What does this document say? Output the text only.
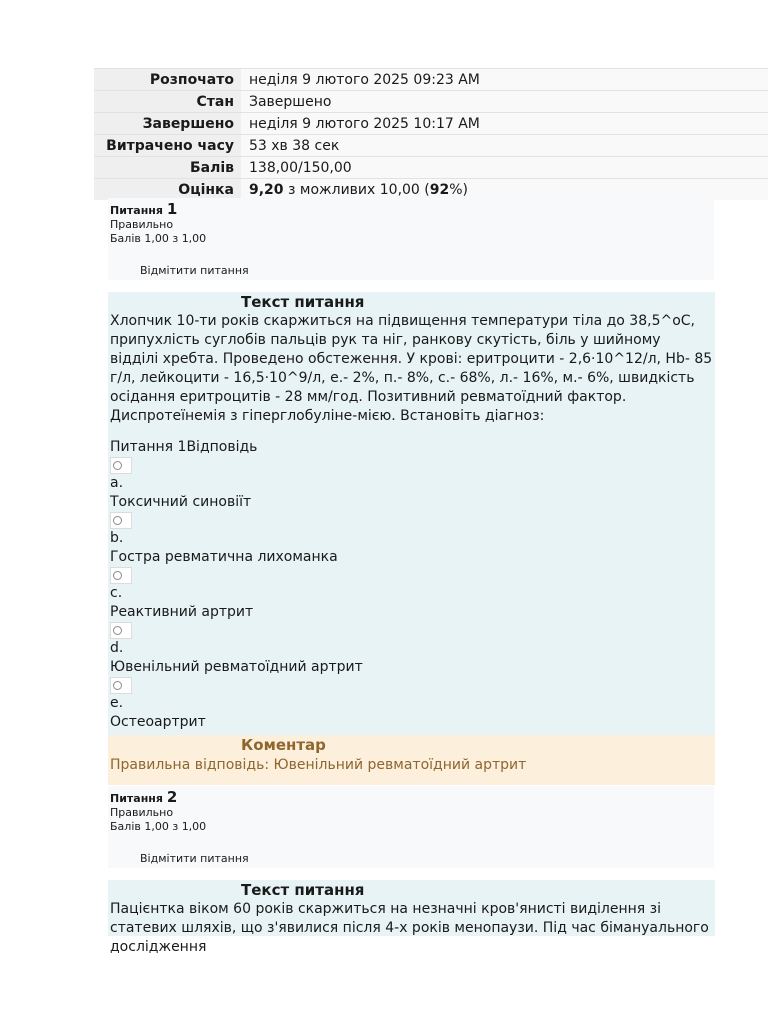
Розпочато	неділя 9 лютого 2025 09:23 AM
Стан	Завершено
Завершено	неділя 9 лютого 2025 10:17 AM
Витрачено часу	53 хв 38 сек
Балів	138,00/150,00
Оцінка	9,20 з можливих 10,00 (92%)
Питання 1
Правильно
Балів 1,00 з 1,00
Відмітити питання
Текст питання

Хлопчик 10-ти років скаржиться на підвищення температури тіла до 38,5^оС, припухлість суглобів пальців рук та ніг, ранкову скутість, біль у шийному відділі хребта. Проведено обстеження. У крові: еритроцити - 2,6·10^12/л, Hb- 85 г/л, лейкоцити - 16,5·10^9/л, е.- 2%, п.- 8%, с.- 68%, л.- 16%, м.- 6%, швидкість осідання еритроцитів - 28 мм/год. Позитивний ревматоїдний фактор. Диспротеїнемія з гіперглобуліне-мією. Встановіть діагноз:

Питання 1Відповідь
a.
Токсичний синовіїт
b.
Гостра ревматична лихоманка
c.
Реактивний артрит
d.
Ювенільний ревматоїдний артрит
e.
Остеоартрит
Коментар
Правильна відповідь: Ювенільний ревматоїдний артрит
Питання 2
Правильно
Балів 1,00 з 1,00
Відмітити питання
Текст питання

Пацієнтка віком 60 років скаржиться на незначні кров'янисті виділення зі статевих шляхів, що з'явилися після 4-х років менопаузи. Під час бімануального дослідження
